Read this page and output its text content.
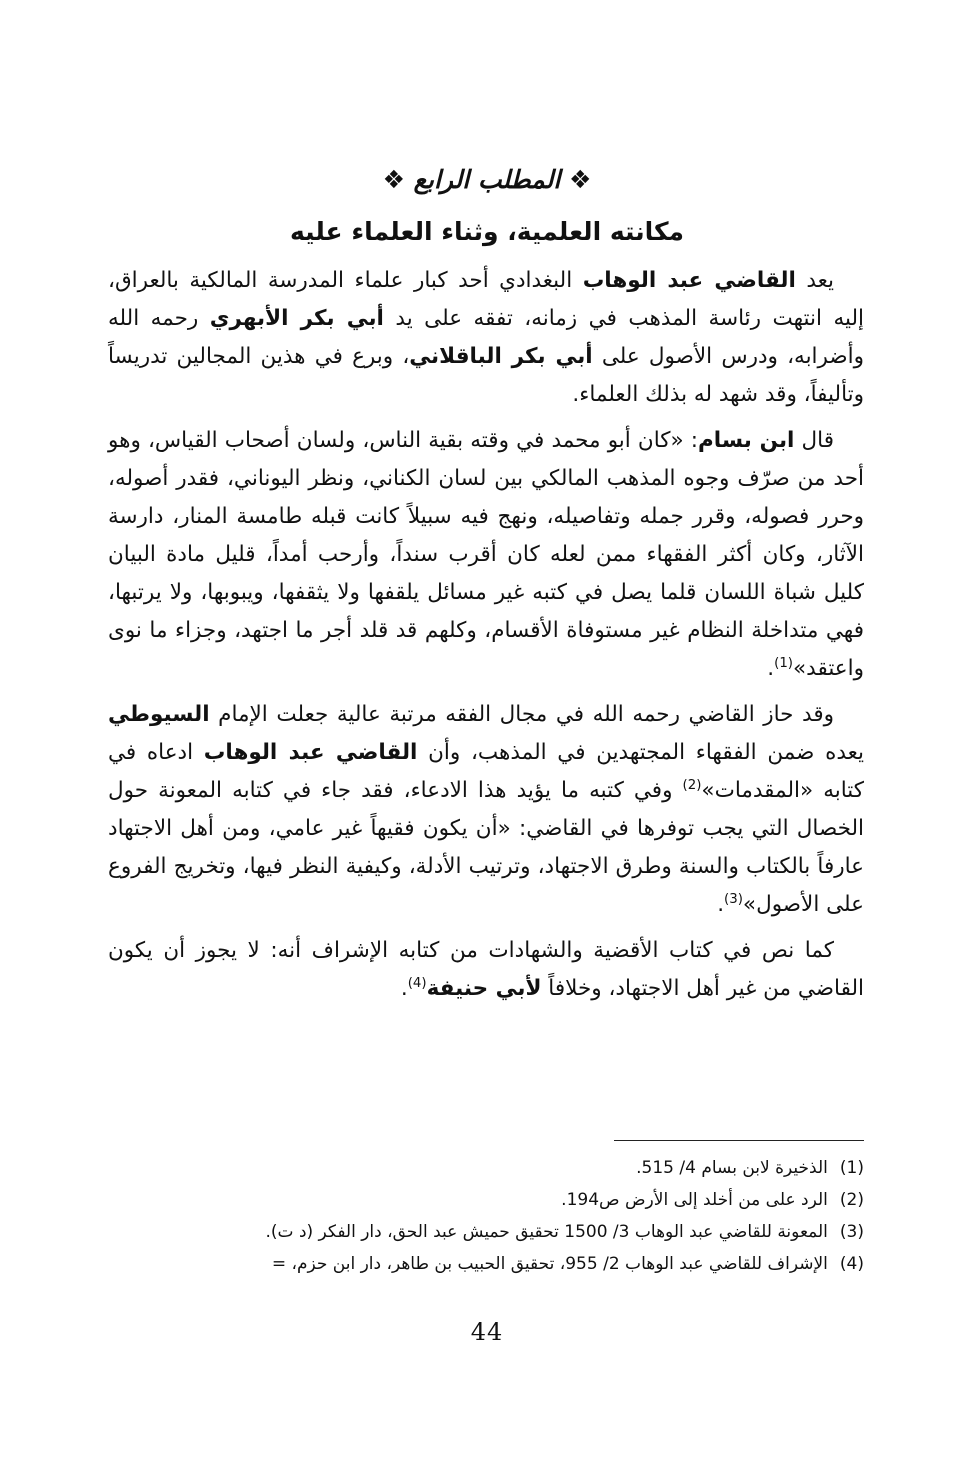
❖ المطلب الرابع ❖
مكانته العلمية، وثناء العلماء عليه

يعد القاضي عبد الوهاب البغدادي أحد كبار علماء المدرسة المالكية بالعراق، إليه انتهت رئاسة المذهب في زمانه، تفقه على يد أبي بكر الأبهري رحمه الله وأضرابه، ودرس الأصول على أبي بكر الباقلاني، وبرع في هذين المجالين تدريساً وتأليفاً، وقد شهد له بذلك العلماء.

قال ابن بسام: «كان أبو محمد في وقته بقية الناس، ولسان أصحاب القياس، وهو أحد من صرّف وجوه المذهب المالكي بين لسان الكناني، ونظر اليوناني، فقدر أصوله، وحرر فصوله، وقرر جمله وتفاصيله، ونهج فيه سبيلاً كانت قبله طامسة المنار، دارسة الآثار، وكان أكثر الفقهاء ممن لعله كان أقرب سنداً، وأرحب أمداً، قليل مادة البيان كليل شباة اللسان قلما يصل في كتبه غير مسائل يلقفها ولا يثقفها، ويبوبها، ولا يرتبها، فهي متداخلة النظام غير مستوفاة الأقسام، وكلهم قد قلد أجر ما اجتهد، وجزاء ما نوى واعتقد»$^{(1)}$.

وقد حاز القاضي رحمه الله في مجال الفقه مرتبة عالية جعلت الإمام السيوطي يعده ضمن الفقهاء المجتهدين في المذهب، وأن القاضي عبد الوهاب ادعاه في كتابه «المقدمات»$^{(2)}$ وفي كتبه ما يؤيد هذا الادعاء، فقد جاء في كتابه المعونة حول الخصال التي يجب توفرها في القاضي: «أن يكون فقيهاً غير عامي، ومن أهل الاجتهاد عارفاً بالكتاب والسنة وطرق الاجتهاد، وترتيب الأدلة، وكيفية النظر فيها، وتخريج الفروع على الأصول»$^{(3)}$.

كما نص في كتاب الأقضية والشهادات من كتابه الإشراف أنه: لا يجوز أن يكون القاضي من غير أهل الاجتهاد، وخلافاً لأبي حنيفة$^{(4)}$.

(1)الذخيرة لابن بسام 4/ 515.

(2)الرد على من أخلد إلى الأرض ص194.

(3)المعونة للقاضي عبد الوهاب 3/ 1500 تحقيق حميش عبد الحق، دار الفكر (د ت).

(4)الإشراف للقاضي عبد الوهاب 2/ 955، تحقيق الحبيب بن طاهر، دار ابن حزم، =

44
